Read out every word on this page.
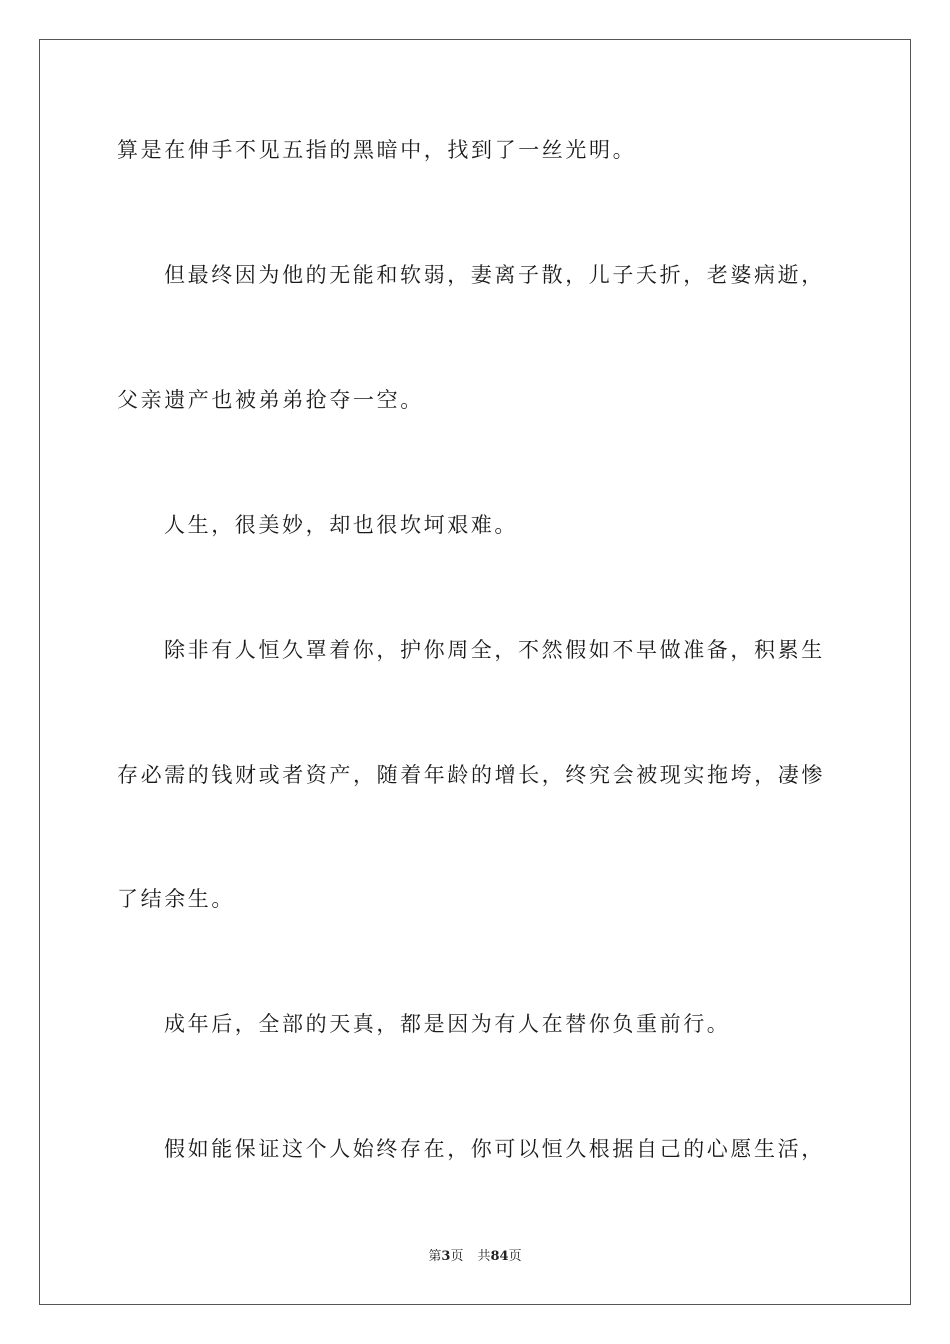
算是在伸手不见五指的黑暗中，找到了一丝光明。
但最终因为他的无能和软弱，妻离子散，儿子夭折，老婆病逝，
父亲遗产也被弟弟抢夺一空。
人生，很美妙，却也很坎坷艰难。
除非有人恒久罩着你，护你周全，不然假如不早做准备，积累生
存必需的钱财或者资产，随着年龄的增长，终究会被现实拖垮，凄惨
了结余生。
成年后，全部的天真，都是因为有人在替你负重前行。
假如能保证这个人始终存在，你可以恒久根据自己的心愿生活，
第3页 共84页
